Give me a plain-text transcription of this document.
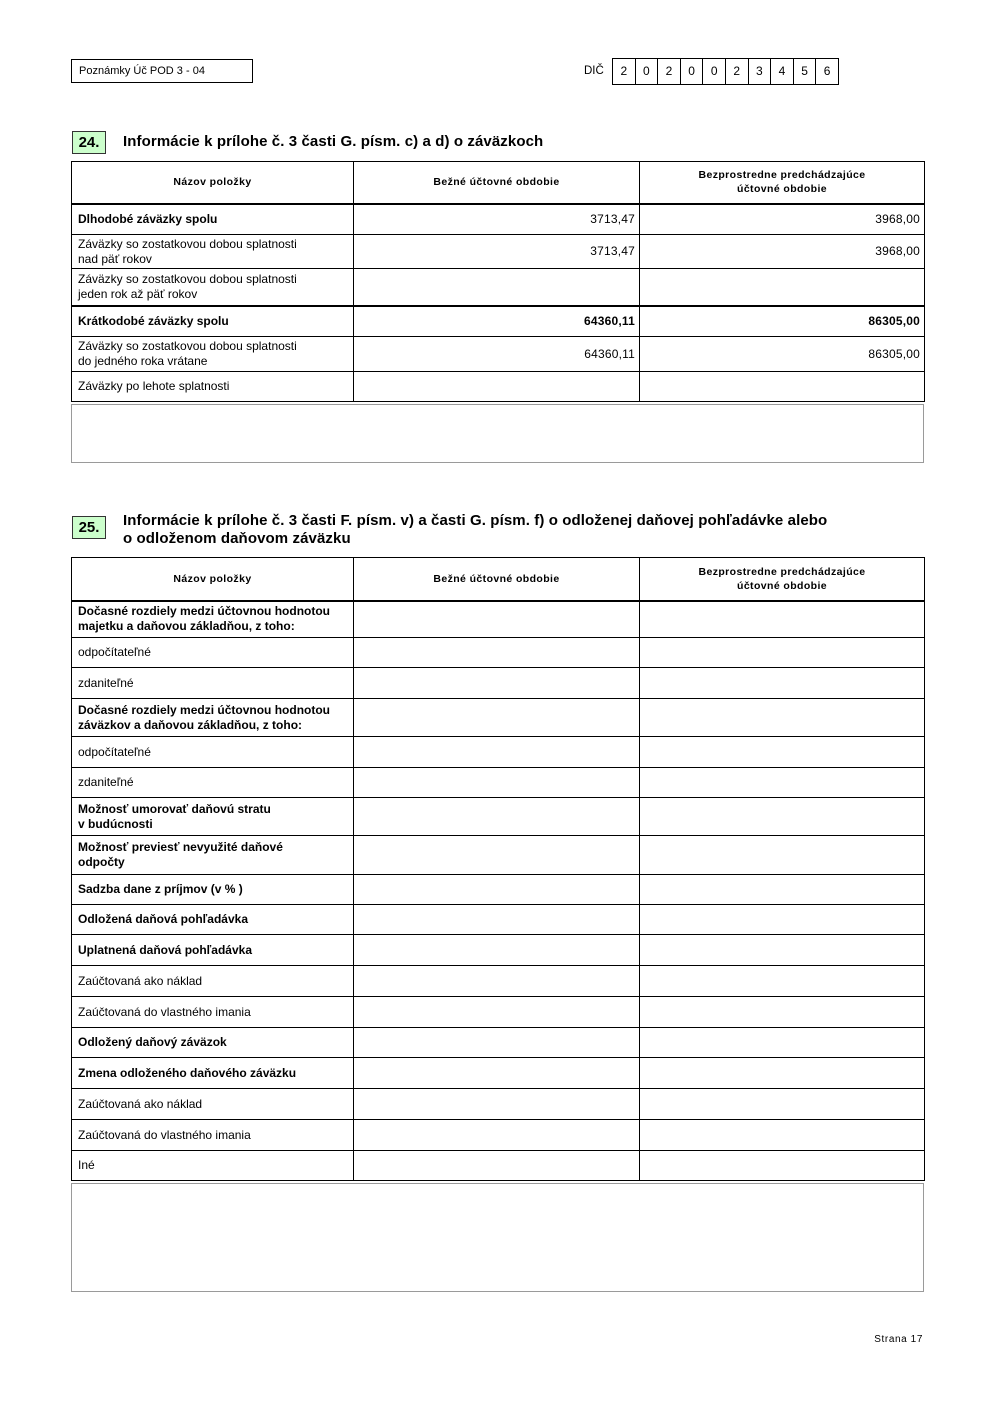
Poznámky Úč POD 3 - 04	DIČ	2	0	2	0	0	2	3	4	5	6
24.	Informácie k prílohe č. 3 časti G. písm. c) a d) o záväzkoch
Názov položky	Bežné účtovné obdobie	Bezprostredne predchádzajúce
účtovné obdobie
Dlhodobé záväzky spolu	3713,47	3968,00
Záväzky so zostatkovou dobou splatnosti
nad päť rokov	3713,47	3968,00
Záväzky so zostatkovou dobou splatnosti
jeden rok až päť rokov		
Krátkodobé záväzky spolu	64360,11	86305,00
Záväzky so zostatkovou dobou splatnosti
do jedného roka vrátane	64360,11	86305,00
Záväzky po lehote splatnosti		
25.	Informácie k prílohe č. 3 časti F. písm. v) a časti G. písm. f) o odloženej daňovej pohľadávke alebo
o odloženom daňovom záväzku
Názov položky	Bežné účtovné obdobie	Bezprostredne predchádzajúce
účtovné obdobie
Dočasné rozdiely medzi účtovnou hodnotou
majetku a daňovou základňou, z toho:		
odpočítateľné		
zdaniteľné		
Dočasné rozdiely medzi účtovnou hodnotou
záväzkov a daňovou základňou, z toho:		
odpočítateľné		
zdaniteľné		
Možnosť umorovať daňovú stratu
v budúcnosti		
Možnosť previesť nevyužité daňové
odpočty		
Sadzba dane z príjmov (v % )		
Odložená daňová pohľadávka		
Uplatnená daňová pohľadávka		
Zaúčtovaná ako náklad		
Zaúčtovaná do vlastného imania		
Odložený daňový záväzok		
Zmena odloženého daňového záväzku		
Zaúčtovaná ako náklad		
Zaúčtovaná do vlastného imania		
Iné		
Strana 17
